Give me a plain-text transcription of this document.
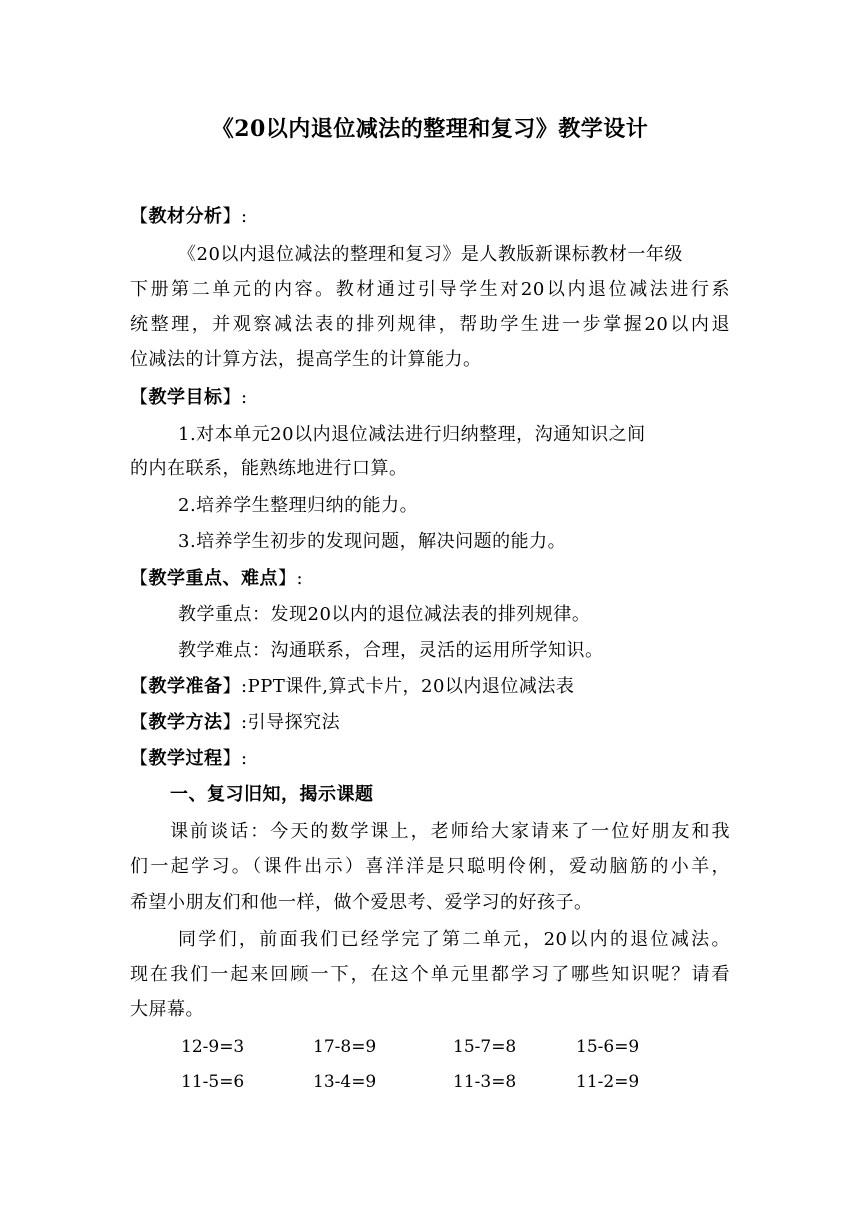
《20以内退位减法的整理和复习》教学设计
【教材分析】:
《20以内退位减法的整理和复习》是人教版新课标教材一年级
下册第二单元的内容。教材通过引导学生对20以内退位减法进行系
统整理，并观察减法表的排列规律，帮助学生进一步掌握20以内退
位减法的计算方法，提高学生的计算能力。
【教学目标】:
1.对本单元20以内退位减法进行归纳整理，沟通知识之间
的内在联系，能熟练地进行口算。
2.培养学生整理归纳的能力。
3.培养学生初步的发现问题，解决问题的能力。
【教学重点、难点】:
教学重点：发现20以内的退位减法表的排列规律。
教学难点：沟通联系，合理，灵活的运用所学知识。
【教学准备】:PPT课件,算式卡片，20以内退位减法表
【教学方法】:引导探究法
【教学过程】:
一、复习旧知，揭示课题
课前谈话：今天的数学课上，老师给大家请来了一位好朋友和我
们一起学习。（课件出示）喜洋洋是只聪明伶俐，爱动脑筋的小羊，
希望小朋友们和他一样，做个爱思考、爱学习的好孩子。
同学们，前面我们已经学完了第二单元，20以内的退位减法。
现在我们一起来回顾一下，在这个单元里都学习了哪些知识呢？请看
大屏幕。
12-9=3	17-8=9	15-7=8	15-6=9
11-5=6	13-4=9	11-3=8	11-2=9
